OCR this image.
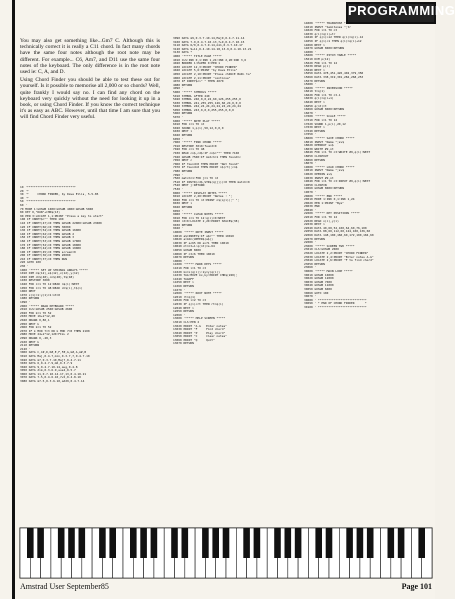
PROGRAMMING

You may also get something like...Gm7 C. Although this is technically correct it is really a C11 chord. In fact many chords have the same four notes although the root note may be different. For example... C6, Am7, and D11 use the same four notes of the keyboard. The only difference is in the root note used ie: C, A, and D.

Using Chord Finder you should be able to test these out for yourself. Is it possible to memorise all 2,000 or so chords? Well, quite frankly I would say no. I can find any chord on the keyboard very quickly without the need for looking it up in a book, or using Chord Finder. If you know the correct technique it's as easy as ABC. However, until that time I am sure that you will find Chord Finder very useful.

10 '****************************
20 '*
30 '*     CHORD FINDER, by Dave Ellis, 5-5-85
40 '*
50 '****************************
60 '
70 MODE 1:GOSUB 1000:GOSUB 4000:GOSUB 5000
80 KEY 0,"RUN"+CHR$(13)
90 PEN 3:LOCATE 1,1:PRINT "Press a key to start"
100 IF INKEY$="" THEN 100
110 IF INKEY(47)=0 THEN GOSUB 22000:GOSUB 23000
120 IF INKEY(66)=0 THEN 30000
130 IF INKEY(54)=0 THEN GOSUB 16000
140 IF INKEY(62)=0 THEN GOSUB 2
150 IF INKEY(61)=0 THEN GOSUB 3
160 IF INKEY(53)=0 THEN GOSUB 17000
170 IF INKEY(52)=0 THEN GOSUB 18000
180 IF INKEY(44)=0 THEN GOSUB 19000
190 IF INKEY(45)=0 THEN screen=0
200 IF INKEY(36)=0 THEN 20000
210 IF INKEY(37)=0 THEN RUN
220 GOTO 100
230 '
1000 '***** SET UP STRINGS ARRAYS *****
1010 DIM n$(12),s$(12),x(12),y(12)
1020 DIM ch$(48),cn$(48),t$(48)
1030 RESTORE 3000
1040 FOR i=1 TO 12:READ n$(i):NEXT
1050 FOR i=1 TO 48:READ ch$(i),t$(i)
1060 NEXT
1070 x(1)=1:y(1)=1:nt=0
1080 RETURN
1090 '
2000 '***** DRAW KEYBOARD *****
2010 CLS:GOSUB 2500:GOSUB 2600
2020 FOR k=1 TO 52
2030 MOVE 16+k*12,40
2040 DRAWR 0,80,1
2050 NEXT k
2060 FOR k=1 TO 52
2070 IF k MOD 7=3 OR k MOD 7=0 THEN 2100
2080 MOVE 24+k*12,120:FILL 2
2090 DRAWR 0,-48,3
2100 NEXT k
2110 RETURN
2120 '
3000 DATA C,C#,D,D#,E,F,F#,G,G#,A,A#,B
3010 DATA Maj,0.4.7,min,0.3.7,7,0.4.7.10
3020 DATA m7,0.3.7.10,Maj7,0.4.7.11
3030 DATA 6,0.4.7.9,m6,0.3.7.9
3040 DATA 9,0.4.7.10.14,aug,0.4.8
3050 DATA dim,0.3.6.9,sus4,0.5.7
3060 DATA 11,0.7.10.14.17,13,0.4.10.21
3070 DATA 7-5,0.4.6.10,7+5,0.4.8.10
3080 DATA m7-5,0.3.6.10,add9,0.4.7.14
3090 DATA m9,0.3.7.10.14,Maj9,0.4.7.11.14
3100 DATA 7-9,0.4.7.10.13,7+9,0.4.7.10.15
3110 DATA 6/9,0.4.7.9.14,m11,0.3.7.10.17
3120 DATA 9+11,0.4.10.14.18,13-9,0.4.10.13.21
3130 DATA *
4000 '***** TITLE PAGE *****
4010 CLS:INK 0,1:INK 1,24:INK 2,20:INK 3,6
4020 BORDER 1:PAPER 0:PEN 1
4030 LOCATE 12,3:PRINT "CHORD FINDER"
4040 LOCATE 5,6:PRINT "by Dave Ellis"
4050 LOCATE 2,10:PRINT "Press <SPACE BAR> to"
4060 LOCATE 2,11:PRINT "continue"
4070 IF INKEY$<>" " THEN 4070
4080 RETURN
4090 '
5000 '***** SYMBOLS *****
5010 SYMBOL AFTER 240
5020 SYMBOL 240,0,0,24,60,126,255,255,0
5030 SYMBOL 241,255,255,126,60,24,0,0,0
5040 SYMBOL 242,24,24,24,24,24,24,24,24
5050 SYMBOL 243,0,0,0,255,255,0,0,0
5060 RETURN
5070 '
6000 '***** NOTE PLAY *****
6010 FOR i=1 TO nt
6020 SOUND 1,p(i),50,12,0,0,0
6030 NEXT i
6040 RETURN
6050 '
7000 '***** FIND CHORD *****
7010 RESTORE 3010:found=0
7020 FOR c=1 TO 48
7030 READ cn$,cd$:IF cn$="*" THEN 7100
7040 GOSUB 7500:IF match=1 THEN found=c
7050 NEXT c
7060 IF found=0 THEN PRINT "Not found"
7070 IF found>0 THEN PRINT n$(rt);cn$
7080 RETURN
7090 '
7500 match=1:FOR j=1 TO nt
7510 IF INSTR(cd$,STR$(q(j)))=0 THEN match=0
7520 NEXT j:RETURN
7530 '
8000 '***** DISPLAY NOTES *****
8010 LOCATE 2,20:PRINT "Notes : ";
8020 FOR i=1 TO nt:PRINT n$(q(i));" ";
8030 NEXT i
8040 RETURN
8050 '
9000 '***** CLEAR NOTES *****
9010 FOR i=1 TO 12:q(i)=0:NEXT
9020 nt=0:LOCATE 2,20:PRINT SPACE$(38)
9030 RETURN
9040 '
10000 '***** NOTE INPUT *****
10010 a$=INKEY$:IF a$="" THEN 10010
10020 a=ASC(UPPER$(a$))
10030 IF a<65 OR a>71 THEN 10010
10040 nt=nt+1:q(nt)=a-64
10050 GOSUB 8000
10060 IF nt<6 THEN 10010
10070 RETURN
10080 '
11000 '***** MARK KEYS *****
11010 FOR i=1 TO nt
11020 kx=x(q(i)):ky=y(q(i))
11030 TAG:MOVE kx,ky:PRINT CHR$(240);
11040 TAGOFF
11050 NEXT i
11060 RETURN
11070 '
12000 '***** ROOT NOTE *****
12010 rt=q(1)
12020 FOR i=2 TO nt
12030 IF q(i)<rt THEN rt=q(i)
12040 NEXT i
12050 RETURN
12060 '
13000 '***** HELP SCREEN *****
13010 CLS:PEN 2
13020 PRINT "A-G   Enter notes"
13030 PRINT "F     Find chord"
13040 PRINT "P     Play chord"
13050 PRINT "C     Clear notes"
13060 PRINT "Q     Quit"
13070 RETURN
14000 '***** TRANSPOSE *****
14010 INPUT "Semitones ";tr
14020 FOR i=1 TO nt
14030 q(i)=q(i)+tr
14040 IF q(i)>12 THEN q(i)=q(i)-12
14050 IF q(i)<1 THEN q(i)=q(i)+12
14060 NEXT i
14070 GOSUB 8000:RETURN
14080 '
15000 '***** PITCH TABLE *****
15010 DIM p(12)
15020 FOR i=1 TO 12
15030 READ p(i)
15040 NEXT i
15050 DATA 478,451,426,402,379,358
15060 DATA 338,319,301,284,268,253
15070 RETURN
15080 '
16000 '***** INVERSION *****
16010 t=q(1)
16020 FOR i=1 TO nt-1
16030 q(i)=q(i+1)
16040 NEXT i
16050 q(nt)=t
16060 GOSUB 8000:RETURN
16070 '
17000 '***** SCALE *****
17010 FOR i=1 TO 12
17020 SOUND 1,p(i),20,12
17030 NEXT i
17040 RETURN
17050 '
18000 '***** SAVE CHORD *****
18010 INPUT "Name ";sv$
18020 OPENOUT sv$
18030 WRITE #9,nt
18040 FOR i=1 TO nt:WRITE #9,q(i):NEXT
18050 CLOSEOUT
18060 RETURN
18070 '
19000 '***** LOAD CHORD *****
19010 INPUT "Name ";sv$
19020 OPENIN sv$
19030 INPUT #9,nt
19040 FOR i=1 TO nt:INPUT #9,q(i):NEXT
19050 CLOSEIN
19060 GOSUB 8000:RETURN
19070 '
20000 '***** END *****
20010 MODE 1:INK 0,1:INK 1,24
20020 PEN 1:PRINT "Bye"
20030 END
20040 '
22000 '***** KEY POSITIONS *****
22010 FOR i=1 TO 12
22020 READ x(i),y(i)
22030 NEXT i
22040 DATA 40,60,52,100,64,60,76,100
22050 DATA 88,60,112,60,124,100,136,60
22060 DATA 148,100,160,60,172,100,184,60
22070 RETURN
22080 '
23000 '***** SCREEN TWO *****
23010 CLS:GOSUB 2000
23020 LOCATE 2,2:PRINT "CHORD FINDER"
23030 LOCATE 2,4:PRINT "Enter notes A-G"
23040 LOCATE 2,6:PRINT "F to find chord"
23050 RETURN
23060 '
30000 '***** MAIN LOOP *****
30010 GOSUB 10000
30020 GOSUB 12000
30030 GOSUB 7000
30040 GOSUB 11000
30050 GOSUB 6000
30060 GOTO 100
30070 '
30080 ' ****************************
30090 ' * END OF CHORD FINDER      *
30100 ' ****************************
Amstrad User September85	Page 101
